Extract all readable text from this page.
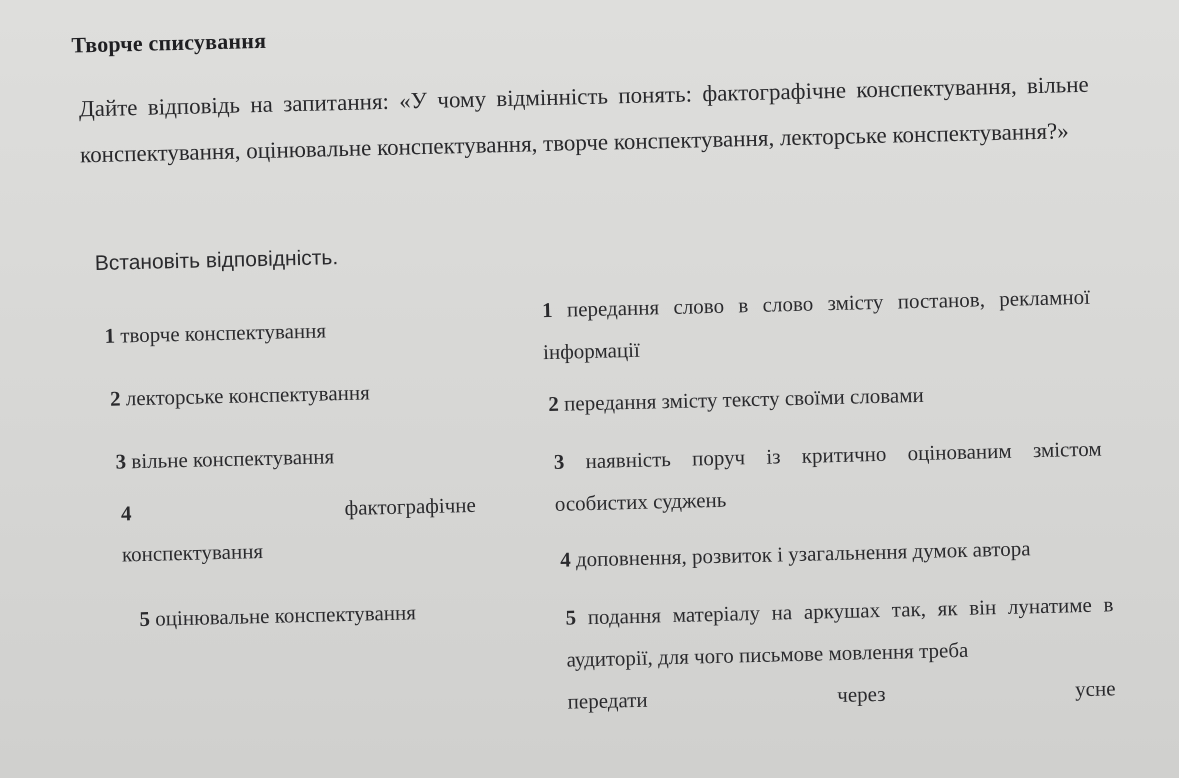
Творче списування
Дайте відповідь на запитання: «У чому відмінність понять: фактографічне конспектування, вільне конспектування, оцінювальне конспектування, творче конспектування, лекторське конспектування?»
Встановіть відповідність.
1 творче конспектування
2 лекторське конспектування
3 вільне конспектування
4	фактографічне
конспектування
5 оцінювальне конспектування
1 передання слово в слово змісту постанов, рекламної інформації
2 передання змісту тексту своїми словами
3 наявність поруч із критично оцінованим змістом особистих суджень
4 доповнення, розвиток і узагальнення думок автора
5 подання матеріалу на аркушах так, як він лунатиме в аудиторії, для чого письмове мовлення треба
передати	через	усне
